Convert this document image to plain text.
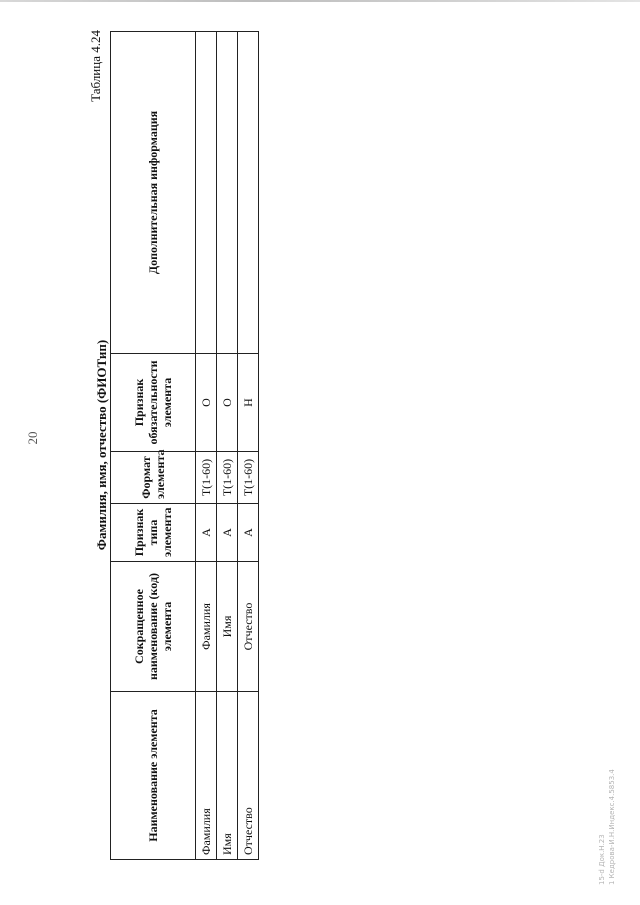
20
Таблица 4.24
Фамилия, имя, отчество (ФИОТип)
Наименование элемента	Сокращенное наименование (код) элемента	Признак типа элемента	Формат элемента	Признак обязательности элемента	Дополнительная информация
Фамилия	Фамилия	А	T(1-60)	О	
Имя	Имя	А	T(1-60)	О	
Отчество	Отчество	А	T(1-60)	Н	
15-d Док.Н.23 1 Кедрова-И.Н.Индекс.4.5853.4
